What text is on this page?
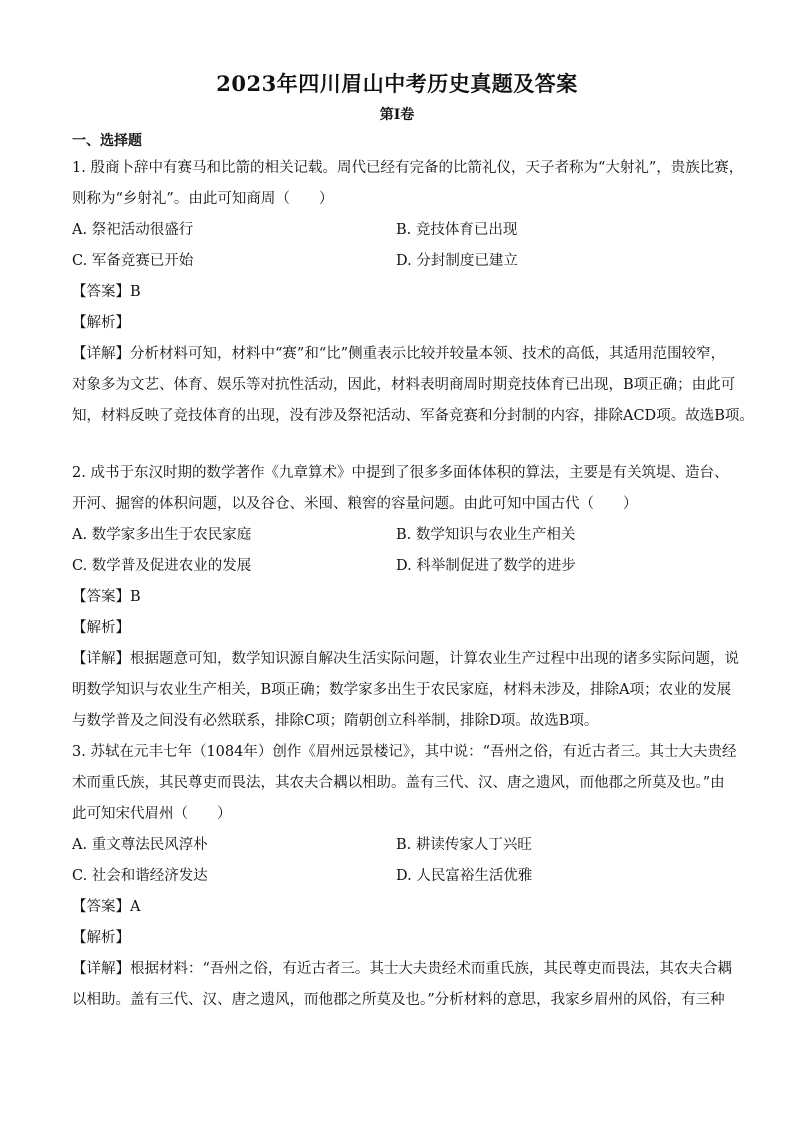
2023年四川眉山中考历史真题及答案
第I卷
一、选择题

1. 殷商卜辞中有赛马和比箭的相关记载。周代已经有完备的比箭礼仪，天子者称为“大射礼”，贵族比赛，

则称为“乡射礼”。由此可知商周（　　）

A. 祭祀活动很盛行	B. 竞技体育已出现
C. 军备竞赛已开始	D. 分封制度已建立

【答案】B

【解析】

【详解】分析材料可知，材料中“赛”和“比”侧重表示比较并较量本领、技术的高低，其适用范围较窄，

对象多为文艺、体育、娱乐等对抗性活动，因此，材料表明商周时期竞技体育已出现，B项正确；由此可

知，材料反映了竞技体育的出现，没有涉及祭祀活动、军备竞赛和分封制的内容，排除ACD项。故选B项。

2. 成书于东汉时期的数学著作《九章算术》中提到了很多多面体体积的算法，主要是有关筑堤、造台、

开河、掘窖的体积问题，以及谷仓、米囤、粮窖的容量问题。由此可知中国古代（　　）

A. 数学家多出生于农民家庭	B. 数学知识与农业生产相关
C. 数学普及促进农业的发展	D. 科举制促进了数学的进步

【答案】B

【解析】

【详解】根据题意可知，数学知识源自解决生活实际问题，计算农业生产过程中出现的诸多实际问题，说

明数学知识与农业生产相关，B项正确；数学家多出生于农民家庭，材料未涉及，排除A项；农业的发展

与数学普及之间没有必然联系，排除C项；隋朝创立科举制，排除D项。故选B项。

3. 苏轼在元丰七年（1084年）创作《眉州远景楼记》，其中说：“吾州之俗，有近古者三。其士大夫贵经

术而重氏族，其民尊吏而畏法，其农夫合耦以相助。盖有三代、汉、唐之遗风，而他郡之所莫及也。”由

此可知宋代眉州（　　）

A. 重文尊法民风淳朴	B. 耕读传家人丁兴旺
C. 社会和谐经济发达	D. 人民富裕生活优雅

【答案】A

【解析】

【详解】根据材料：“吾州之俗，有近古者三。其士大夫贵经术而重氏族，其民尊吏而畏法，其农夫合耦

以相助。盖有三代、汉、唐之遗风，而他郡之所莫及也。”分析材料的意思，我家乡眉州的风俗，有三种
